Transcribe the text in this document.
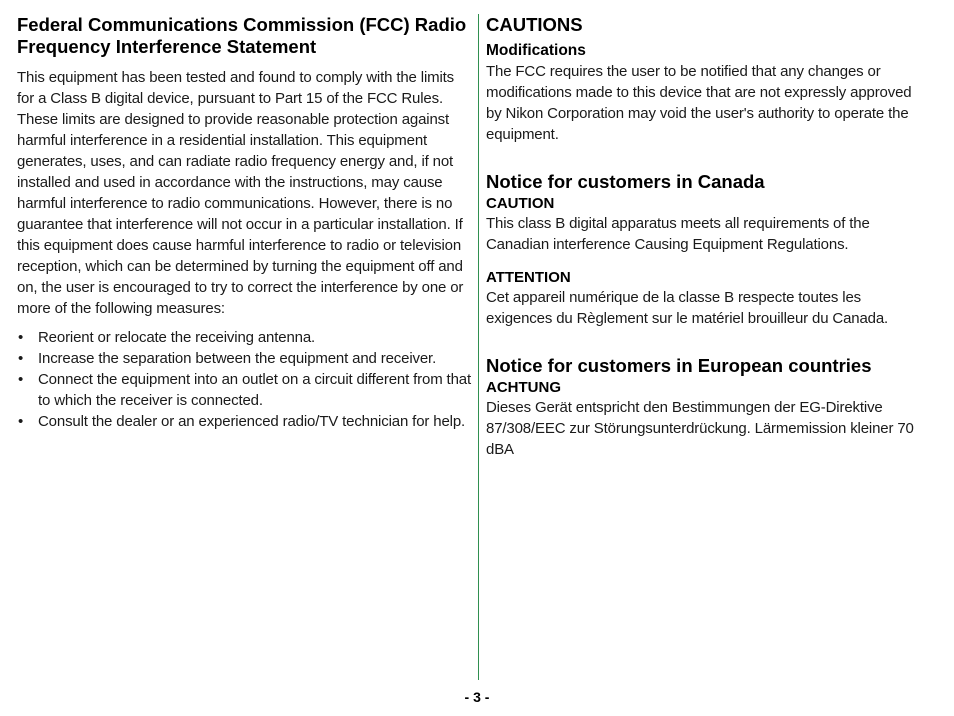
Federal Communications Commission (FCC) Radio Frequency Interference Statement

This equipment has been tested and found to comply with the limits for a Class B digital device, pursuant to Part 15 of the FCC Rules. These limits are designed to provide reasonable protection against harmful interference in a residential installation. This equipment generates, uses, and can radiate radio frequency energy and, if not installed and used in accordance with the instructions, may cause harmful interference to radio communications. However, there is no guarantee that interference will not occur in a particular installation. If this equipment does cause harmful interference to radio or television reception, which can be determined by turning the equipment off and on, the user is encouraged to try to correct the interference by one or more of the following measures:

• Reorient or relocate the receiving antenna.
• Increase the separation between the equipment and receiver.
• Connect the equipment into an outlet on a circuit different from that to which the receiver is connected.
• Consult the dealer or an experienced radio/TV technician for help.
CAUTIONS
Modifications

The FCC requires the user to be notified that any changes or modifications made to this device that are not expressly approved by Nikon Corporation may void the user's authority to operate the equipment.

Notice for customers in Canada
CAUTION

This class B digital apparatus meets all requirements of the Canadian interference Causing Equipment Regulations.

ATTENTION

Cet appareil numérique de la classe B respecte toutes les exigences du Règlement sur le matériel brouilleur du Canada.

Notice for customers in European countries
ACHTUNG

Dieses Gerät entspricht den Bestimmungen der EG-Direktive 87/308/EEC zur Störungsunterdrückung. Lärmemission kleiner 70 dBA

- 3 -
